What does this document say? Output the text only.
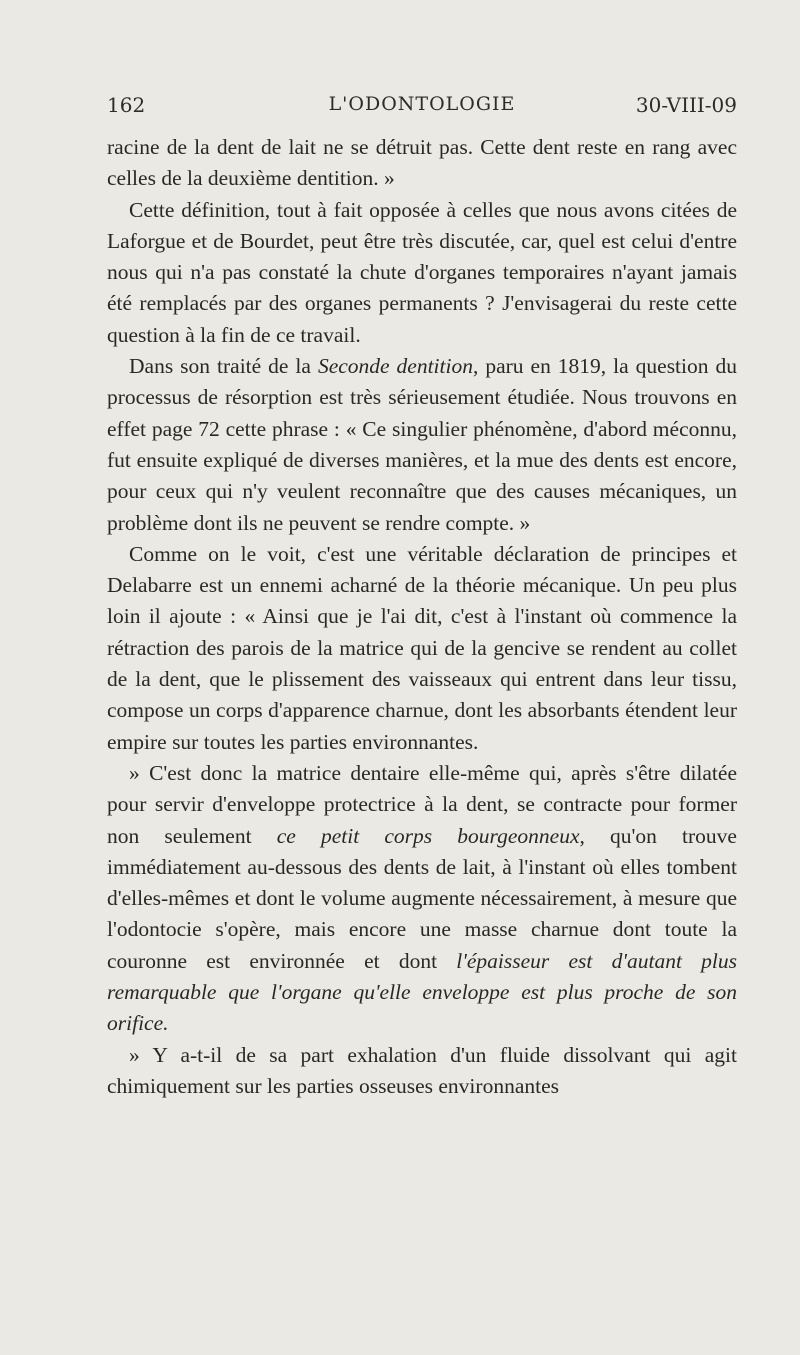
162	L'ODONTOLOGIE	30-VIII-09

racine de la dent de lait ne se détruit pas. Cette dent reste en rang avec celles de la deuxième dentition. »

Cette définition, tout à fait opposée à celles que nous avons citées de Laforgue et de Bourdet, peut être très discutée, car, quel est celui d'entre nous qui n'a pas constaté la chute d'organes temporaires n'ayant jamais été remplacés par des organes permanents ? J'envisagerai du reste cette question à la fin de ce travail.

Dans son traité de la Seconde dentition, paru en 1819, la question du processus de résorption est très sérieusement étudiée. Nous trouvons en effet page 72 cette phrase : « Ce singulier phénomène, d'abord méconnu, fut ensuite expliqué de diverses manières, et la mue des dents est encore, pour ceux qui n'y veulent reconnaître que des causes mécaniques, un problème dont ils ne peuvent se rendre compte. »

Comme on le voit, c'est une véritable déclaration de principes et Delabarre est un ennemi acharné de la théorie mécanique. Un peu plus loin il ajoute : « Ainsi que je l'ai dit, c'est à l'instant où commence la rétraction des parois de la matrice qui de la gencive se rendent au collet de la dent, que le plissement des vaisseaux qui entrent dans leur tissu, compose un corps d'apparence charnue, dont les absorbants étendent leur empire sur toutes les parties environnantes.

» C'est donc la matrice dentaire elle-même qui, après s'être dilatée pour servir d'enveloppe protectrice à la dent, se contracte pour former non seulement ce petit corps bourgeonneux, qu'on trouve immédiatement au-dessous des dents de lait, à l'instant où elles tombent d'elles-mêmes et dont le volume augmente nécessairement, à mesure que l'odontocie s'opère, mais encore une masse charnue dont toute la couronne est environnée et dont l'épaisseur est d'autant plus remarquable que l'organe qu'elle enveloppe est plus proche de son orifice.

» Y a-t-il de sa part exhalation d'un fluide dissolvant qui agit chimiquement sur les parties osseuses environnantes
